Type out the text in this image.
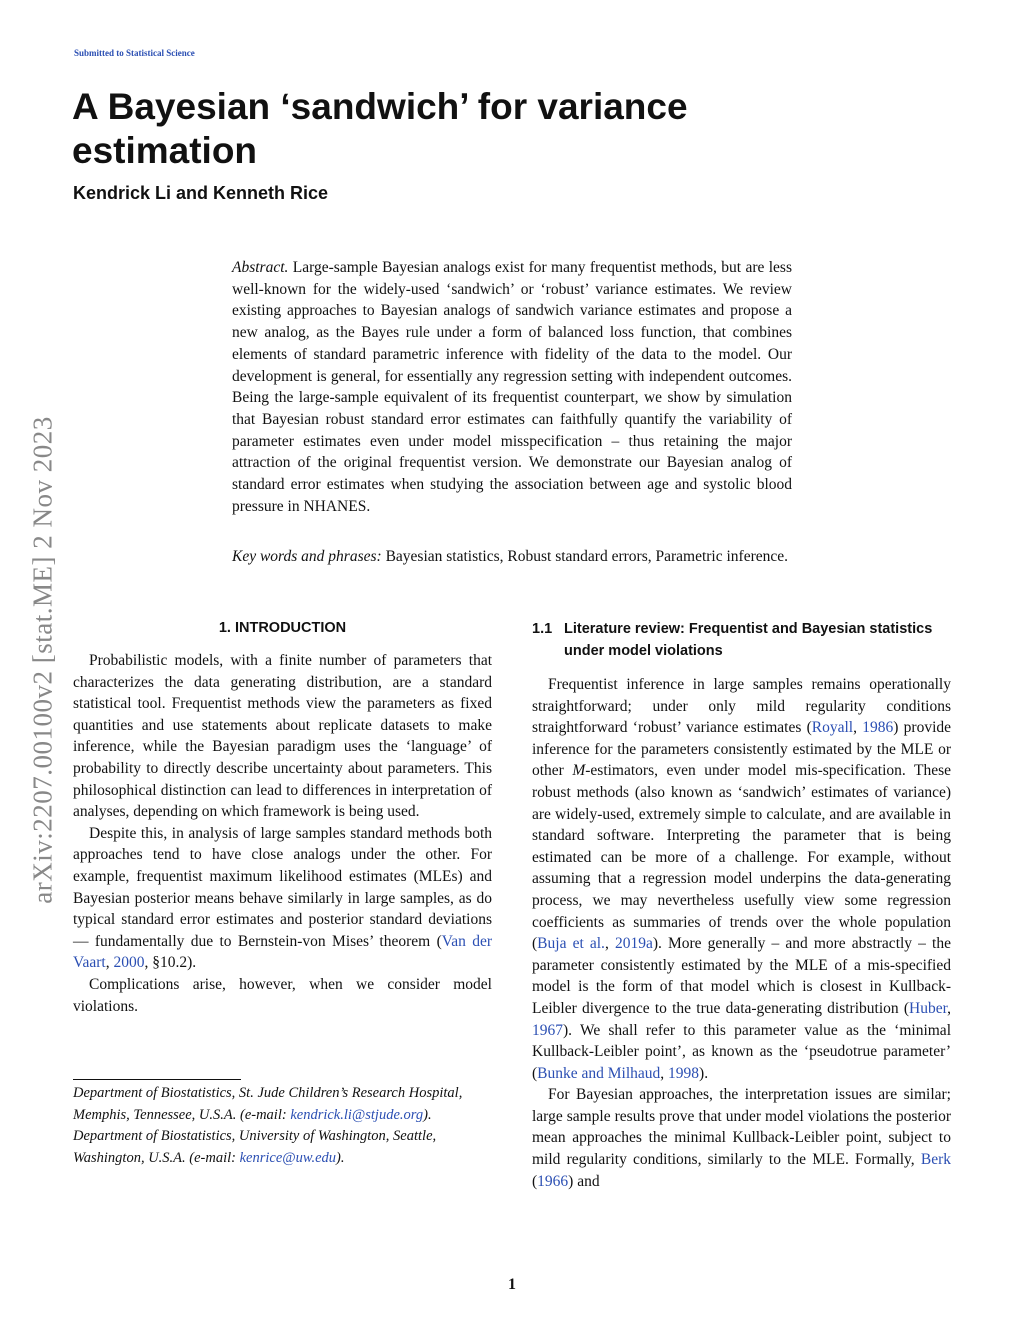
Submitted to Statistical Science
A Bayesian ‘sandwich’ for variance estimation
Kendrick Li and Kenneth Rice
arXiv:2207.00100v2 [stat.ME] 2 Nov 2023

Abstract. Large-sample Bayesian analogs exist for many frequentist methods, but are less well-known for the widely-used ‘sandwich’ or ‘robust’ variance estimates. We review existing approaches to Bayesian analogs of sandwich variance estimates and propose a new analog, as the Bayes rule under a form of balanced loss function, that combines elements of standard parametric inference with fidelity of the data to the model. Our development is general, for essentially any regression setting with independent outcomes. Being the large-sample equivalent of its frequentist counterpart, we show by simulation that Bayesian robust standard error estimates can faithfully quantify the variability of parameter estimates even under model misspecification – thus retaining the major attraction of the original frequentist version. We demonstrate our Bayesian analog of standard error estimates when studying the association between age and systolic blood pressure in NHANES.

Key words and phrases: Bayesian statistics, Robust standard errors, Parametric inference.

1. INTRODUCTION

Probabilistic models, with a finite number of parameters that characterizes the data generating distribution, are a standard statistical tool. Frequentist methods view the parameters as fixed quantities and use statements about replicate datasets to make inference, while the Bayesian paradigm uses the ‘language’ of probability to directly describe uncertainty about parameters. This philosophical distinction can lead to differences in interpretation of analyses, depending on which framework is being used.

Despite this, in analysis of large samples standard methods both approaches tend to have close analogs under the other. For example, frequentist maximum likelihood estimates (MLEs) and Bayesian posterior means behave similarly in large samples, as do typical standard error estimates and posterior standard deviations — fundamentally due to Bernstein-von Mises’ theorem (Van der Vaart, 2000, §10.2).

Complications arise, however, when we consider model violations.

1.1 Literature review: Frequentist and Bayesian statistics under model violations

Frequentist inference in large samples remains operationally straightforward; under only mild regularity conditions straightforward ‘robust’ variance estimates (Royall, 1986) provide inference for the parameters consistently estimated by the MLE or other M-estimators, even under model mis-specification. These robust methods (also known as ‘sandwich’ estimates of variance) are widely-used, extremely simple to calculate, and are available in standard software. Interpreting the parameter that is being estimated can be more of a challenge. For example, without assuming that a regression model underpins the data-generating process, we may nevertheless usefully view some regression coefficients as summaries of trends over the whole population (Buja et al., 2019a). More generally – and more abstractly – the parameter consistently estimated by the MLE of a mis-specified model is the form of that model which is closest in Kullback-Leibler divergence to the true data-generating distribution (Huber, 1967). We shall refer to this parameter value as the ‘minimal Kullback-Leibler point’, as known as the ‘pseudotrue parameter’ (Bunke and Milhaud, 1998).

For Bayesian approaches, the interpretation issues are similar; large sample results prove that under model violations the posterior mean approaches the minimal Kullback-Leibler point, subject to mild regularity conditions, similarly to the MLE. Formally, Berk (1966) and

Department of Biostatistics, St. Jude Children’s Research Hospital, Memphis, Tennessee, U.S.A. (e-mail: kendrick.li@stjude.org). Department of Biostatistics, University of Washington, Seattle, Washington, U.S.A. (e-mail: kenrice@uw.edu).

1
